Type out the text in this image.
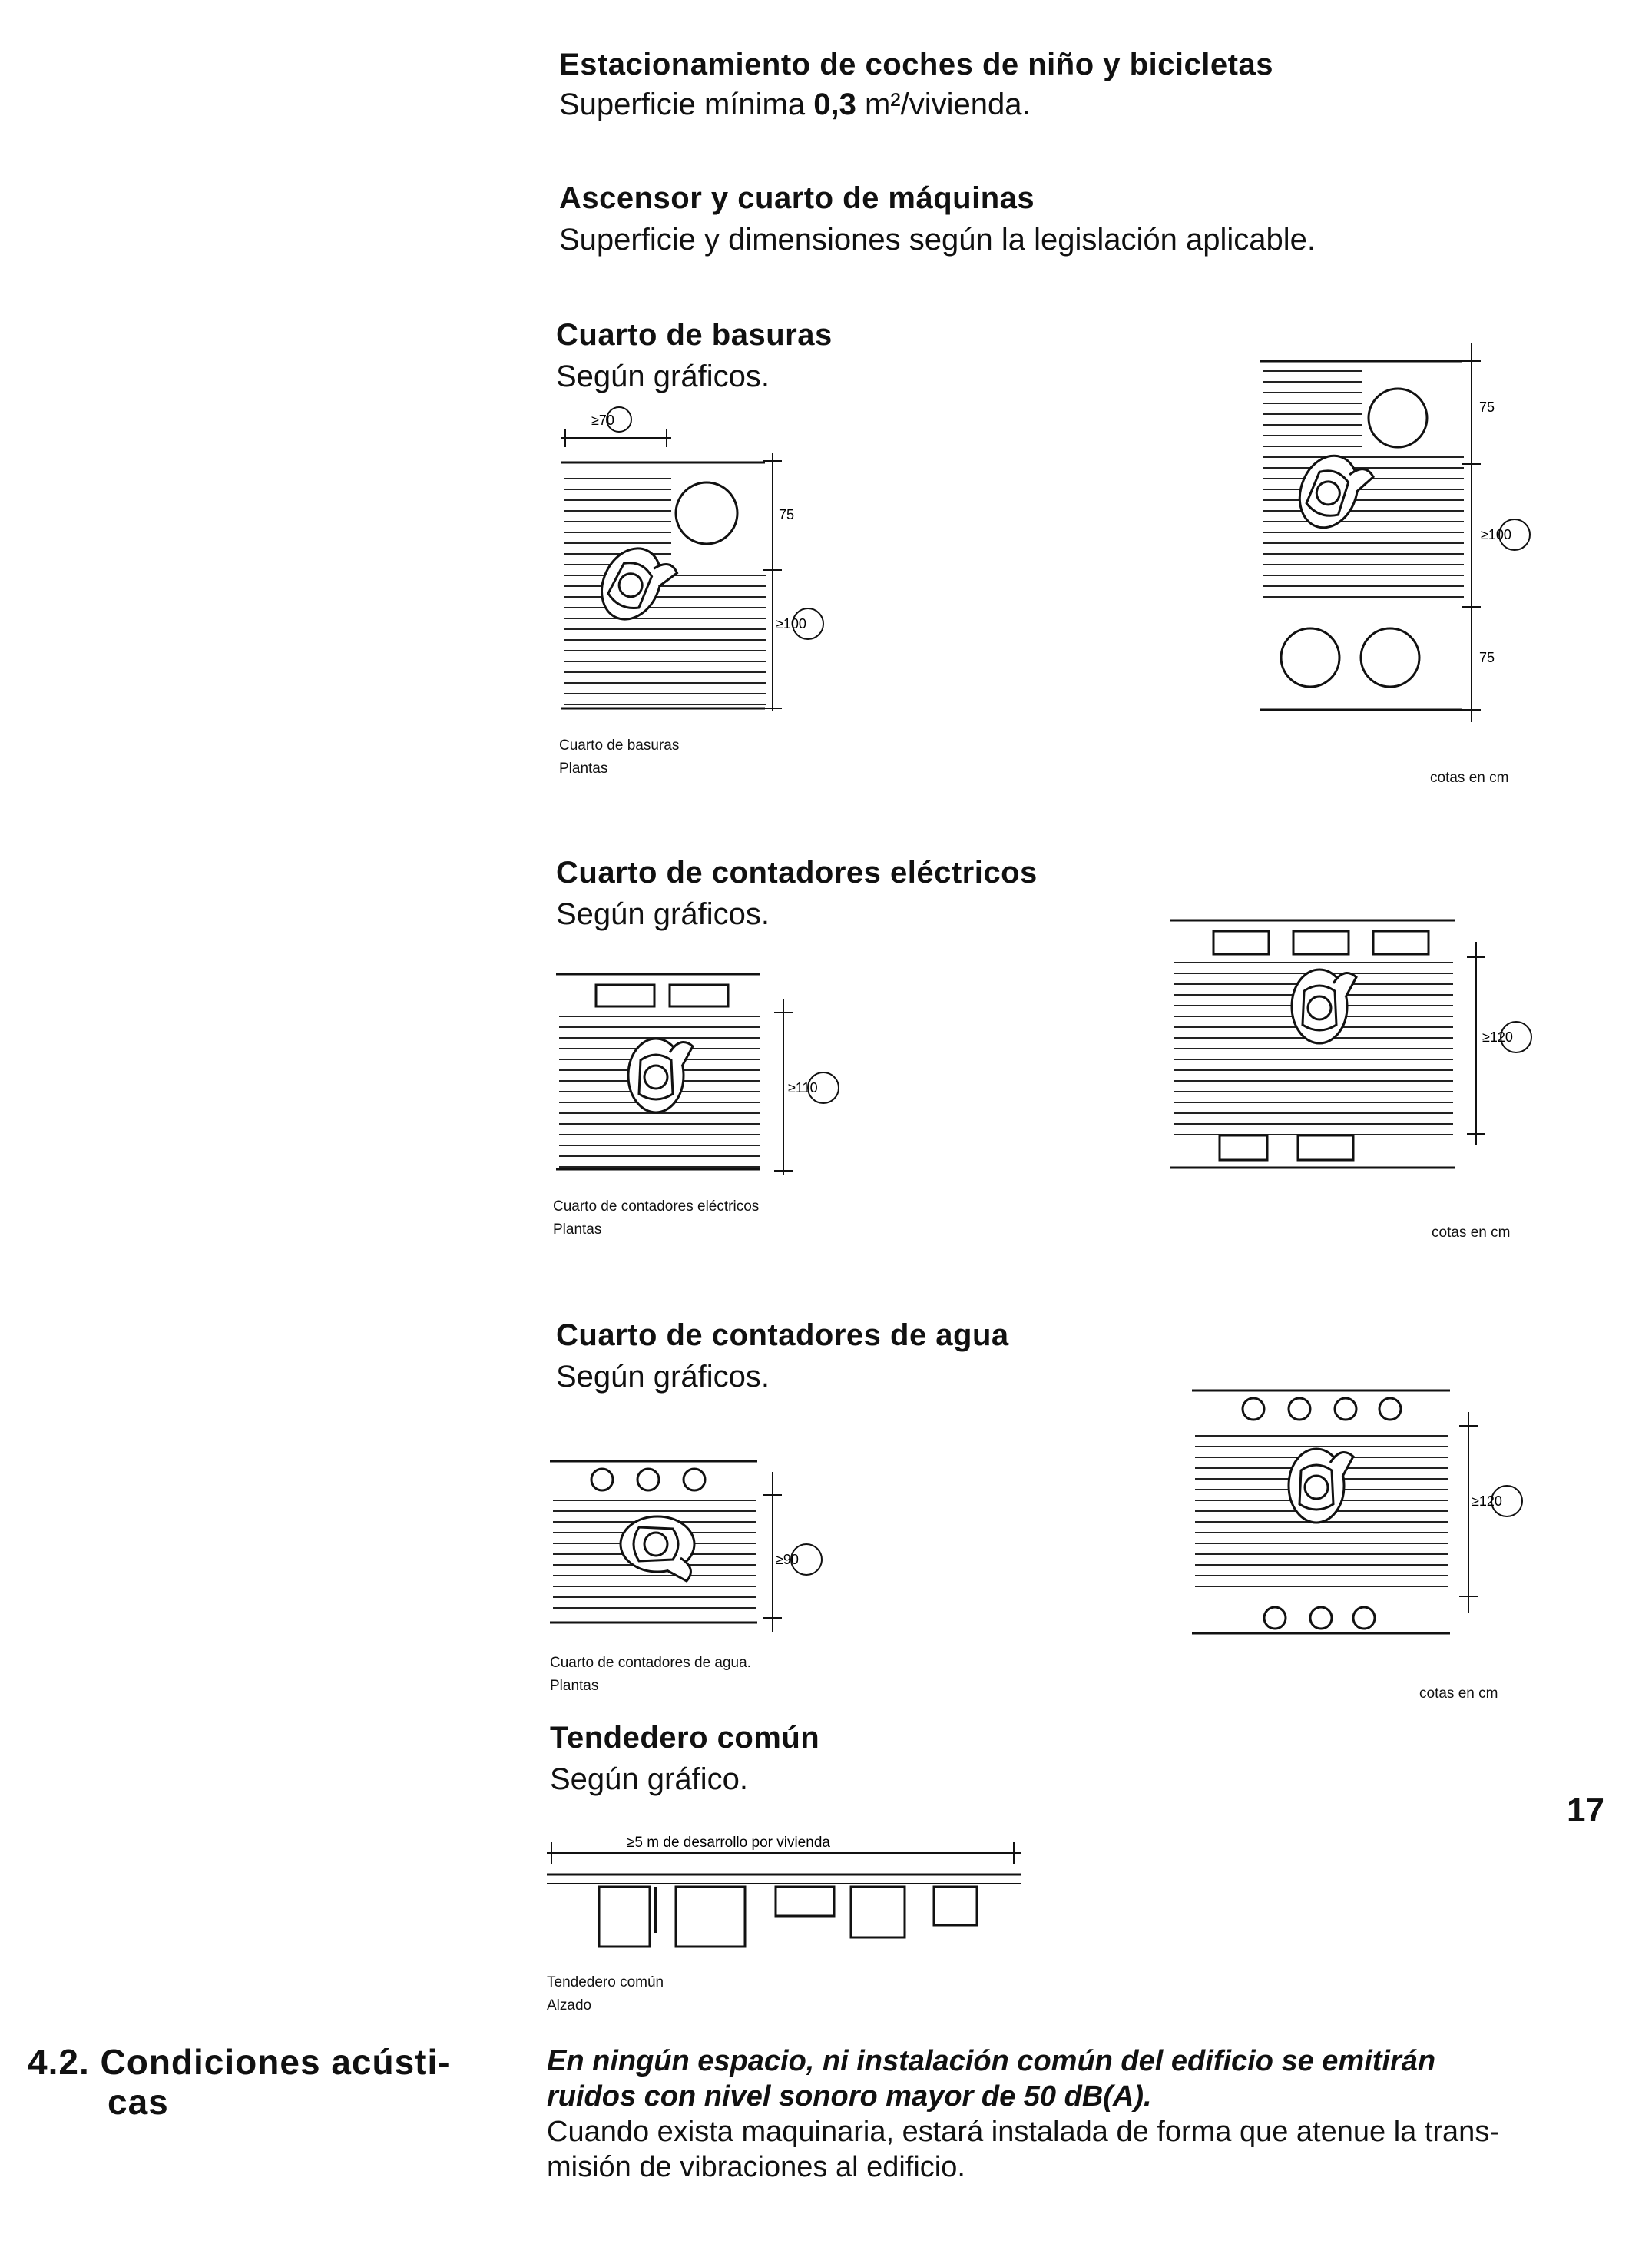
Estacionamiento de coches de niño y bicicletas
Superficie mínima 0,3 m²/vivienda.
Ascensor y cuarto de máquinas
Superficie y dimensiones según la legislación aplicable.
Cuarto de basuras
Según gráficos.
Cuarto de contadores eléctricos
Según gráficos.
Cuarto de contadores de agua
Según gráficos.
Tendedero común
Según gráfico.
17
Cuarto de basuras
Plantas
cotas en cm
Cuarto de contadores eléctricos
Plantas	cotas en cm
Cuarto de contadores de agua.
Plantas	cotas en cm
Tendedero común
Alzado
4.2. Condiciones acústi-
cas
En ningún espacio, ni instalación común del edificio se emitirán
ruidos con nivel sonoro mayor de 50 dB(A).
Cuando exista maquinaria, estará instalada de forma que atenue la trans-
misión de vibraciones al edificio.
≥70
75
≥100
75
≥100
75
≥110
≥120
≥90
≥120
≥5 m de desarrollo por vivienda
